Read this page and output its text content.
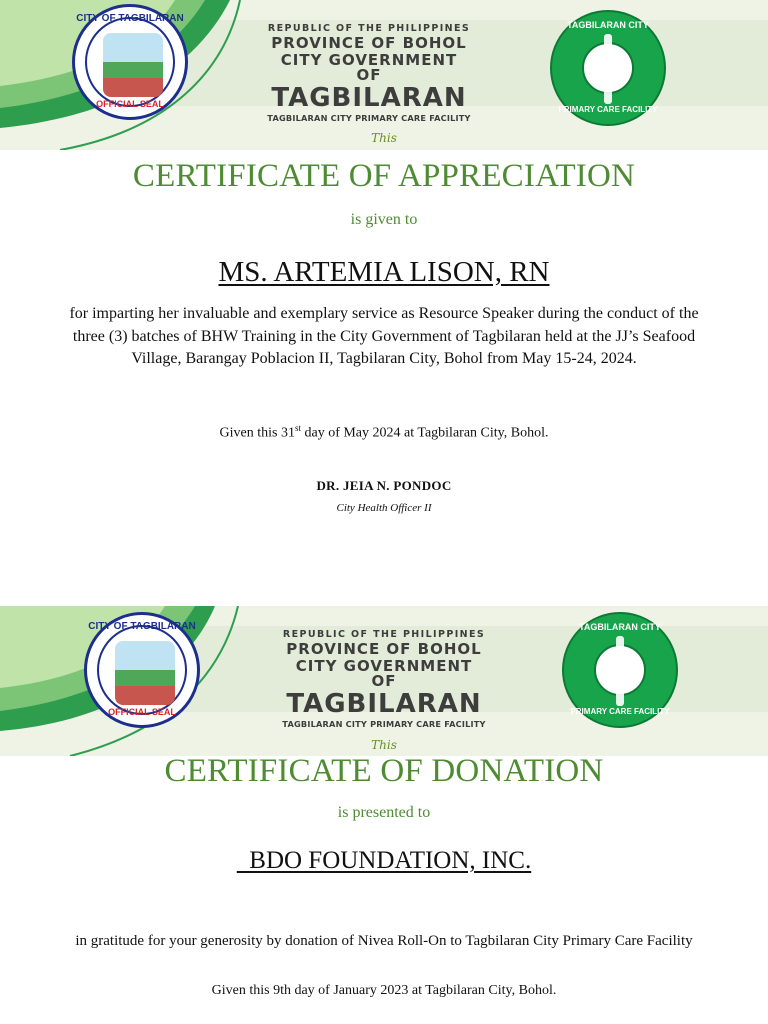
CITY OF TAGBILARAN
OFFICIAL SEAL
REPUBLIC OF THE PHILIPPINES
PROVINCE OF BOHOL
CITY GOVERNMENT OF
TAGBILARAN
TAGBILARAN CITY PRIMARY CARE FACILITY
TAGBILARAN CITY
PRIMARY CARE FACILITY
This
CERTIFICATE OF APPRECIATION
is given to
MS. ARTEMIA LISON, RN
for imparting her invaluable and exemplary service as Resource Speaker during the conduct of the three (3) batches of BHW Training in the City Government of Tagbilaran held at the JJ’s Seafood Village, Barangay Poblacion II, Tagbilaran City, Bohol from May 15-24, 2024.
Given this 31st day of May 2024 at Tagbilaran City, Bohol.
DR. JEIA N. PONDOC
City Health Officer II
CITY OF TAGBILARAN
OFFICIAL SEAL
REPUBLIC OF THE PHILIPPINES
PROVINCE OF BOHOL
CITY GOVERNMENT OF
TAGBILARAN
TAGBILARAN CITY PRIMARY CARE FACILITY
TAGBILARAN CITY
PRIMARY CARE FACILITY
This
CERTIFICATE OF DONATION
is presented to
BDO FOUNDATION, INC.
in gratitude for your generosity by donation of Nivea Roll-On to Tagbilaran City Primary Care Facility
Given this 9th day of January 2023 at Tagbilaran City, Bohol.
